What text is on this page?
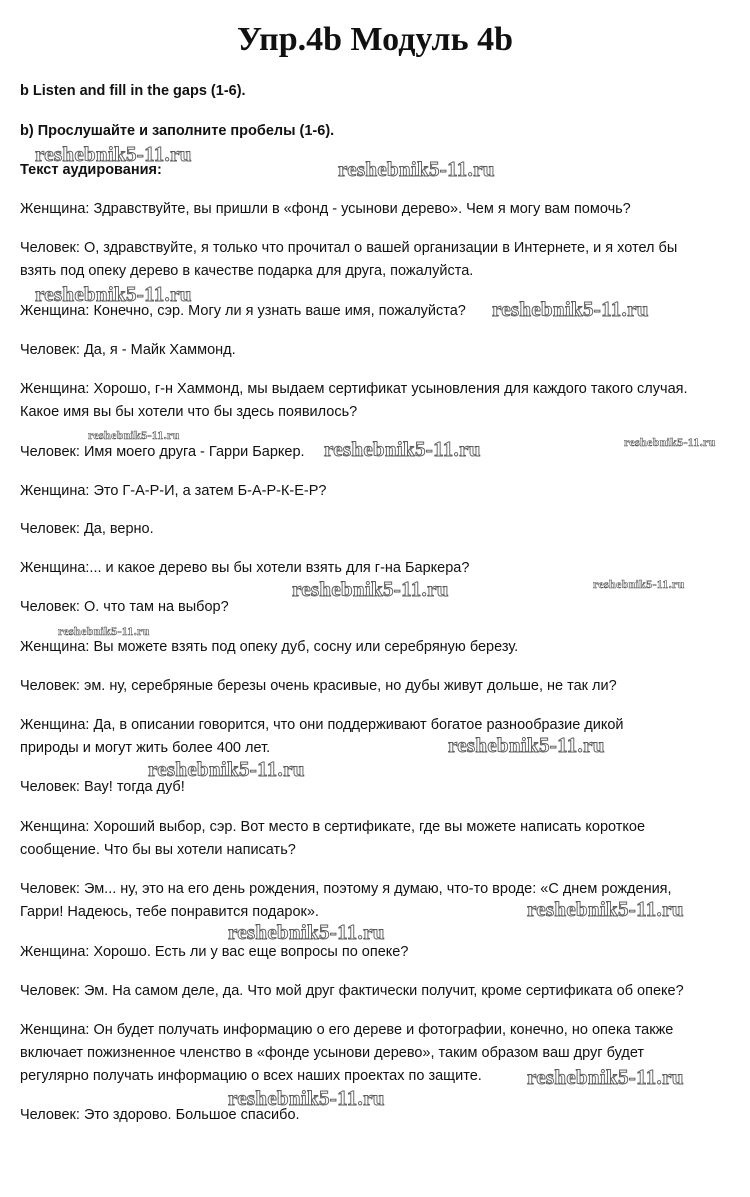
Упр.4b Модуль 4b
b Listen and fill in the gaps (1-6).
b) Прослушайте и заполните пробелы (1-6).
Текст аудирования:
Женщина: Здравствуйте, вы пришли в «фонд - усынови дерево». Чем я могу вам помочь?
Человек: О, здравствуйте, я только что прочитал о вашей организации в Интернете, и я хотел бы
взять под опеку дерево в качестве подарка для друга, пожалуйста.
Женщина: Конечно, сэр. Могу ли я узнать ваше имя, пожалуйста?
Человек: Да, я - Майк Хаммонд.
Женщина: Хорошо, г-н Хаммонд, мы выдаем сертификат усыновления для каждого такого случая.
Какое имя вы бы хотели что бы здесь появилось?
Человек: Имя моего друга - Гарри Баркер.
Женщина: Это Г-А-Р-И, а затем Б-А-Р-К-Е-Р?
Человек: Да, верно.
Женщина:... и какое дерево вы бы хотели взять для г-на Баркера?
Человек: О. что там на выбор?
Женщина: Вы можете взять под опеку дуб, сосну или серебряную березу.
Человек: эм. ну, серебряные березы очень красивые, но дубы живут дольше, не так ли?
Женщина: Да, в описании говорится, что они поддерживают богатое разнообразие дикой
природы и могут жить более 400 лет.
Человек: Вау! тогда дуб!
Женщина: Хороший выбор, сэр. Вот место в сертификате, где вы можете написать короткое
сообщение. Что бы вы хотели написать?
Человек: Эм... ну, это на его день рождения, поэтому я думаю, что-то вроде: «С днем рождения,
Гарри! Надеюсь, тебе понравится подарок».
Женщина: Хорошо. Есть ли у вас еще вопросы по опеке?
Человек: Эм. На самом деле, да. Что мой друг фактически получит, кроме сертификата об опеке?
Женщина: Он будет получать информацию о его дереве и фотографии, конечно, но опека также
включает пожизненное членство в «фонде усынови дерево», таким образом ваш друг будет
регулярно получать информацию о всех наших проектах по защите.
Человек: Это здорово. Большое спасибо.
reshebnik5-11.ru
reshebnik5-11.ru
reshebnik5-11.ru
reshebnik5-11.ru
reshebnik5-11.ru	reshebnik5-11.ru
reshebnik5-11.ru
reshebnik5-11.ru	reshebnik5-11.ru
reshebnik5-11.ru
reshebnik5-11.ru
reshebnik5-11.ru
reshebnik5-11.ru
reshebnik5-11.ru
reshebnik5-11.ru
reshebnik5-11.ru
